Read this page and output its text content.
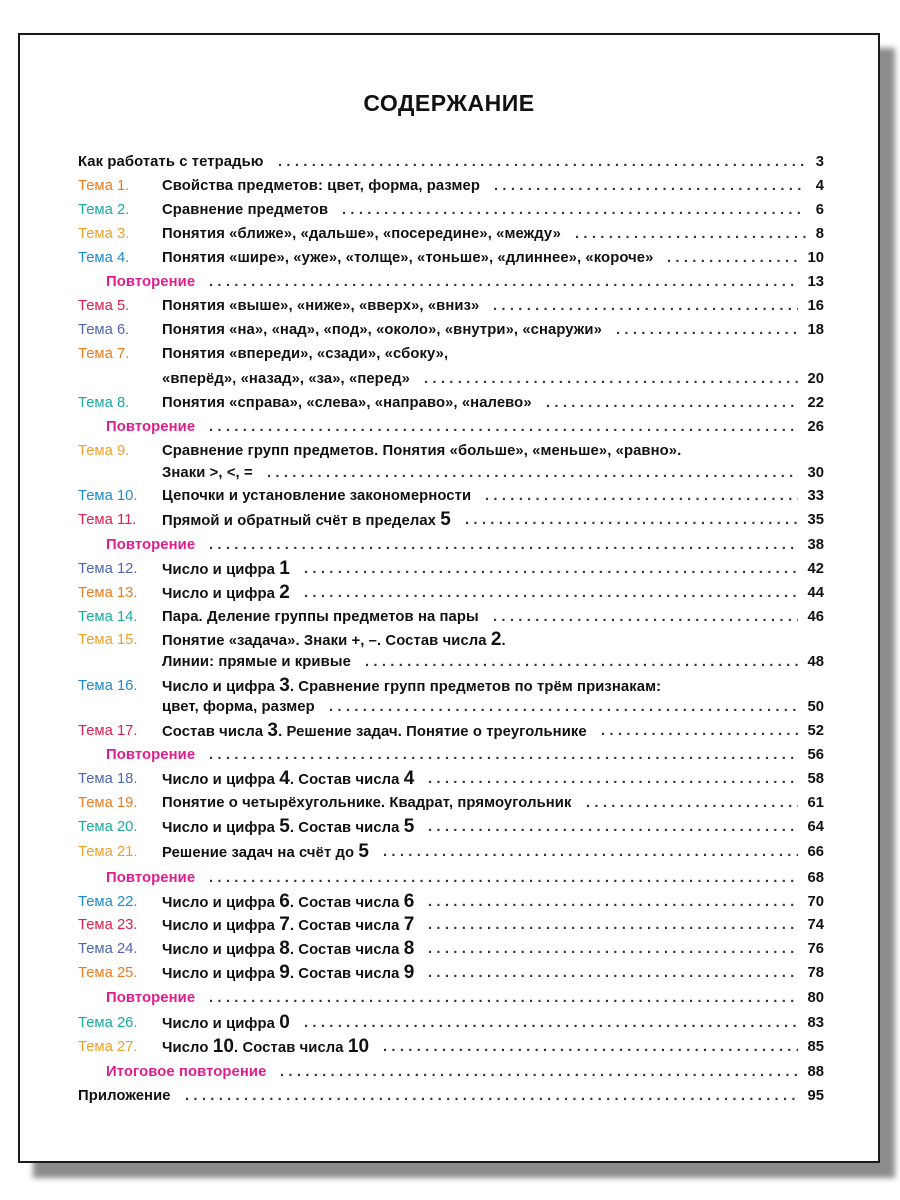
СОДЕРЖАНИЕ
Как работать с тетрадью	3
. . .
Тема 1. Свойства предметов: цвет, форма, размер	4
. . .
Тема 2. Сравнение предметов	6
. . .
Тема 3. Понятия «ближе», «дальше», «посередине», «между»	8
. . .
Тема 4. Понятия «шире», «уже», «толще», «тоньше», «длиннее», «короче»	10
. . .
Повторение	13
. . .
Тема 5. Понятия «выше», «ниже», «вверх», «вниз»	16
. . .
Тема 6. Понятия «на», «над», «под», «около», «внутри», «снаружи»	18
. . .
Тема 7. Понятия «впереди», «сзади», «сбоку»,
«вперёд», «назад», «за», «перед»	20
. . .
Тема 8. Понятия «справа», «слева», «направо», «налево»	22
. . .
Повторение	26
. . .
Тема 9. Сравнение групп предметов. Понятия «больше», «меньше», «равно».
Знаки >, <, =	30
. . .
Тема 10. Цепочки и установление закономерности	33
. . .
Тема 11. Прямой и обратный счёт в пределах 5	35
. . .
Повторение	38
. . .
Тема 12. Число и цифра 1	42
. . .
Тема 13. Число и цифра 2	44
. . .
Тема 14. Пара. Деление группы предметов на пары	46
. . .
Тема 15. Понятие «задача». Знаки +, –. Состав числа 2.
Линии: прямые и кривые	48
. . .
Тема 16. Число и цифра 3. Сравнение групп предметов по трём признакам:
цвет, форма, размер	50
. . .
Тема 17. Состав числа 3. Решение задач. Понятие о треугольнике	52
. . .
Повторение	56
. . .
Тема 18. Число и цифра 4. Состав числа 4	58
. . .
Тема 19. Понятие о четырёхугольнике. Квадрат, прямоугольник	61
. . .
Тема 20. Число и цифра 5. Состав числа 5	64
. . .
Тема 21. Решение задач на счёт до 5	66
. . .
Повторение	68
. . .
Тема 22. Число и цифра 6. Состав числа 6	70
. . .
Тема 23. Число и цифра 7. Состав числа 7	74
. . .
Тема 24. Число и цифра 8. Состав числа 8	76
. . .
Тема 25. Число и цифра 9. Состав числа 9	78
. . .
Повторение	80
. . .
Тема 26. Число и цифра 0	83
. . .
Тема 27. Число 10. Состав числа 10	85
. . .
Итоговое повторение	88
. . .
Приложение	95
. . .
